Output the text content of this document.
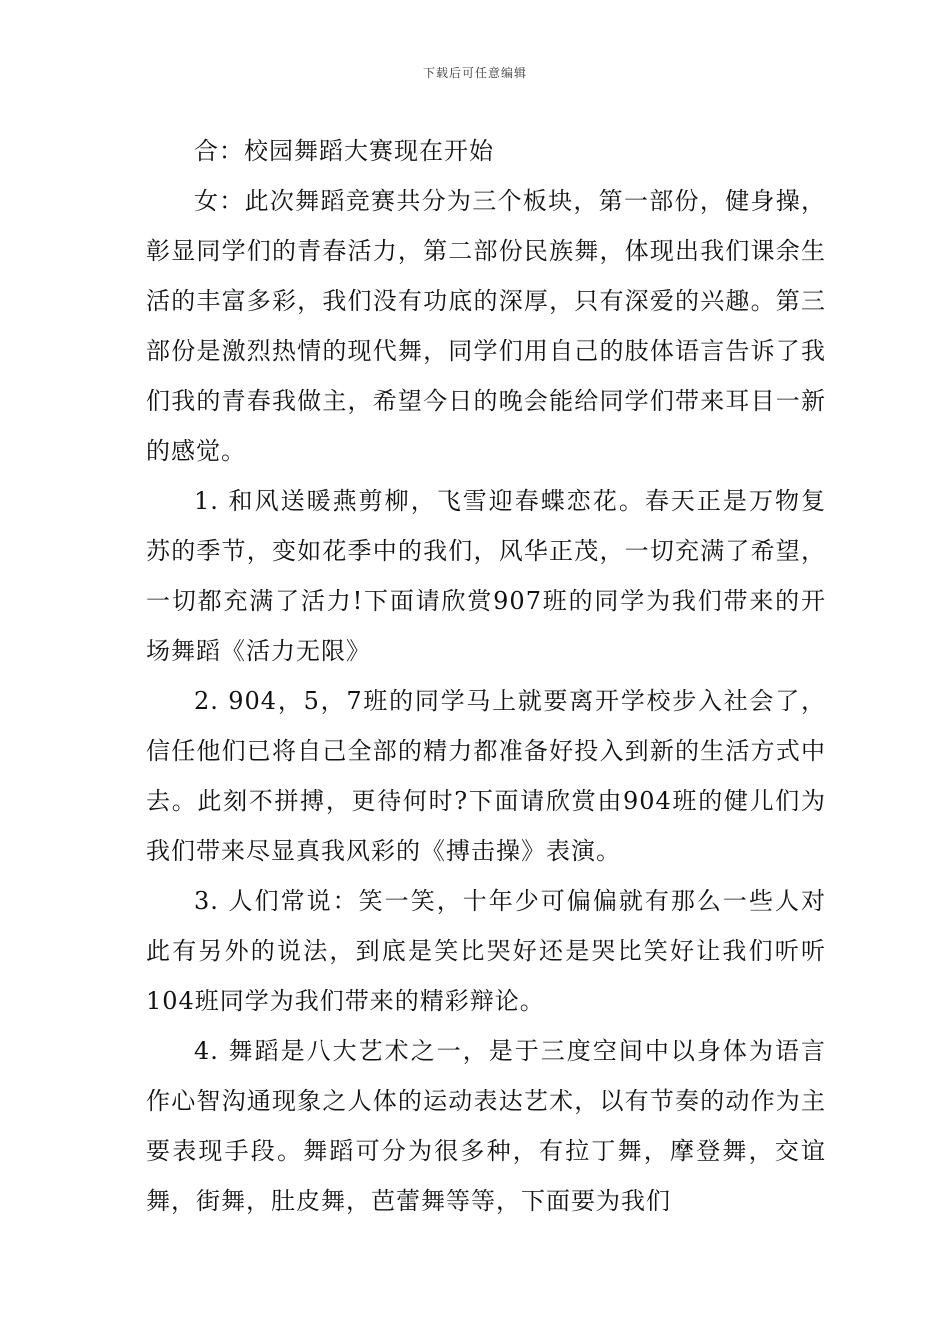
下载后可任意编辑

合：校园舞蹈大赛现在开始

女：此次舞蹈竞赛共分为三个板块，第一部份，健身操，彰显同学们的青春活力，第二部份民族舞，体现出我们课余生活的丰富多彩，我们没有功底的深厚，只有深爱的兴趣。第三部份是激烈热情的现代舞，同学们用自己的肢体语言告诉了我们我的青春我做主，希望今日的晚会能给同学们带来耳目一新的感觉。

1. 和风送暖燕剪柳，飞雪迎春蝶恋花。春天正是万物复苏的季节，变如花季中的我们，风华正茂，一切充满了希望，一切都充满了活力!下面请欣赏907班的同学为我们带来的开场舞蹈《活力无限》

2. 904，5，7班的同学马上就要离开学校步入社会了，信任他们已将自己全部的精力都准备好投入到新的生活方式中去。此刻不拼搏，更待何时?下面请欣赏由904班的健儿们为我们带来尽显真我风彩的《搏击操》表演。

3. 人们常说：笑一笑，十年少可偏偏就有那么一些人对此有另外的说法，到底是笑比哭好还是哭比笑好让我们听听104班同学为我们带来的精彩辩论。

4. 舞蹈是八大艺术之一，是于三度空间中以身体为语言作心智沟通现象之人体的运动表达艺术，以有节奏的动作为主要表现手段。舞蹈可分为很多种，有拉丁舞，摩登舞，交谊舞，街舞，肚皮舞，芭蕾舞等等，下面要为我们
